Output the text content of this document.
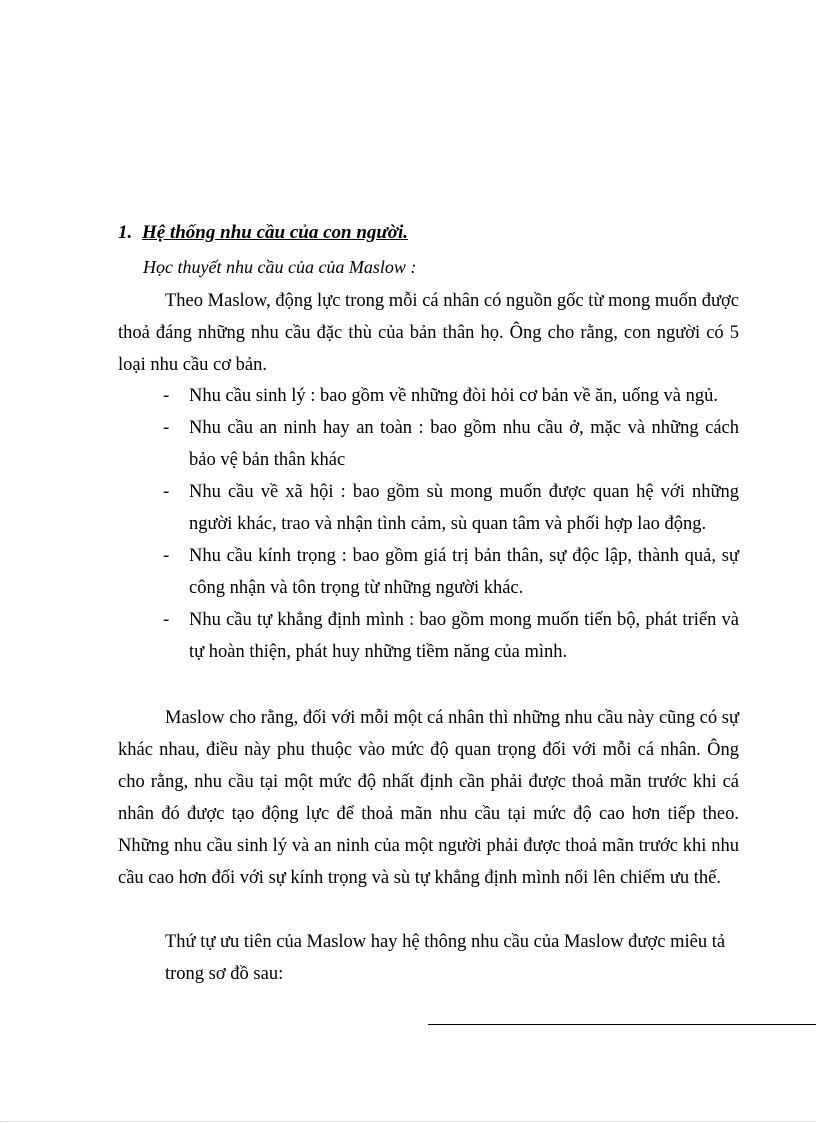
1. Hệ thống nhu cầu của con người.
Học thuyết nhu cầu của của Maslow :
Theo Maslow, động lực trong mỗi cá nhân có nguồn gốc từ mong muốn được thoả đáng những nhu cầu đặc thù của bản thân họ. Ông cho rằng, con người có 5 loại nhu cầu cơ bản.
- Nhu cầu sinh lý : bao gồm về những đòi hỏi cơ bản về ăn, uống và ngủ.
- Nhu cầu an ninh hay an toàn : bao gồm nhu cầu ở, mặc và những cách bảo vệ bản thân khác
- Nhu cầu về xã hội : bao gồm sù mong muốn được quan hệ với những người khác, trao và nhận tình cảm, sù quan tâm và phối hợp lao động.
- Nhu cầu kính trọng : bao gồm giá trị bản thân, sự độc lập, thành quả, sự công nhận và tôn trọng từ những người khác.
- Nhu cầu tự khẳng định mình : bao gồm mong muốn tiến bộ, phát triển và tự hoàn thiện, phát huy những tiềm năng của mình.
Maslow cho rằng, đối với mỗi một cá nhân thì những nhu cầu này cũng có sự khác nhau, điều này phu thuộc vào mức độ quan trọng đối với mỗi cá nhân. Ông cho rằng, nhu cầu tại một mức độ nhất định cần phải được thoả mãn trước khi cá nhân đó được tạo động lực để thoả mãn nhu cầu tại mức độ cao hơn tiếp theo. Những nhu cầu sinh lý và an ninh của một người phải được thoả mãn trước khi nhu cầu cao hơn đối với sự kính trọng và sù tự khẳng định mình nổi lên chiếm ưu thế.
Thứ tự ưu tiên của Maslow hay hệ thông nhu cầu của Maslow được miêu tả trong sơ đồ sau:
